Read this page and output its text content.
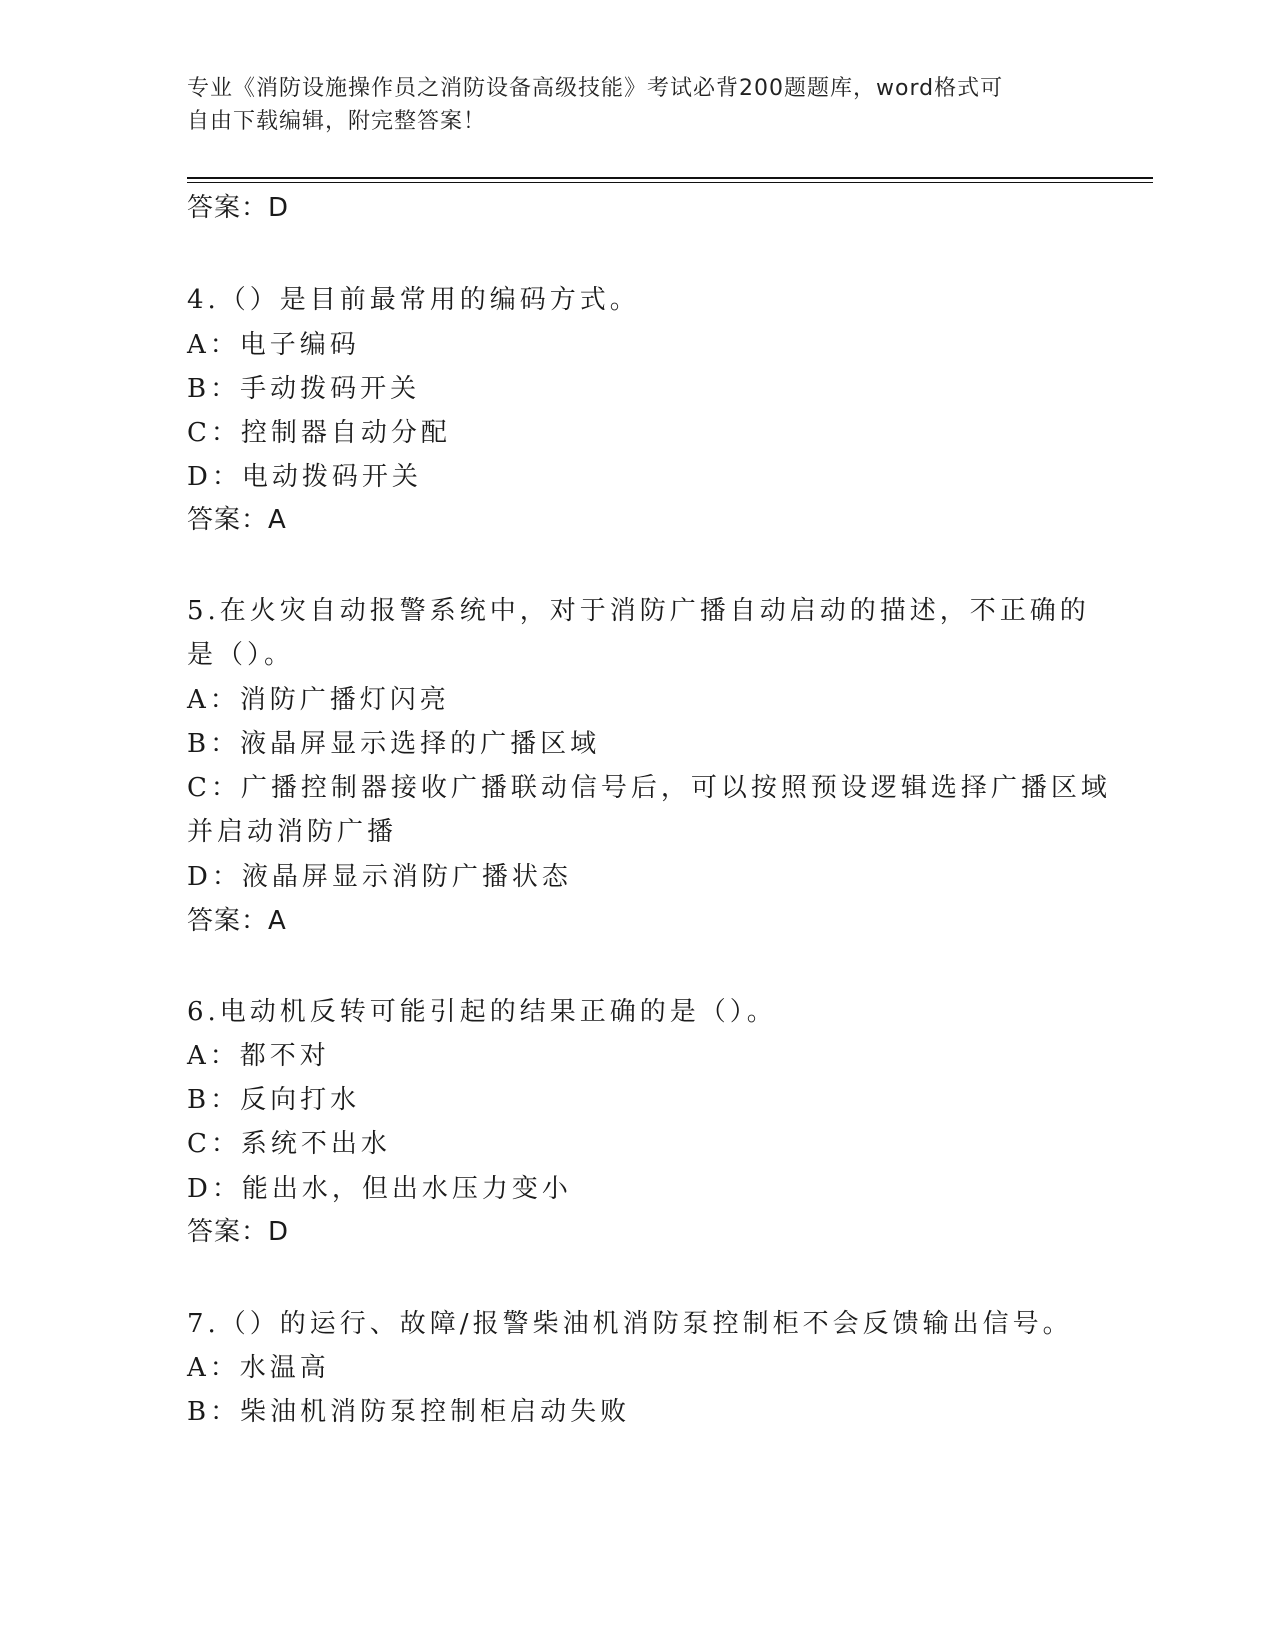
专业《消防设施操作员之消防设备高级技能》考试必背200题题库，word格式可
自由下载编辑，附完整答案！
答案：D
4.（）是目前最常用的编码方式。
A：电子编码
B：手动拨码开关
C：控制器自动分配
D：电动拨码开关
答案：A
5.在火灾自动报警系统中，对于消防广播自动启动的描述，不正确的
是（）。
A：消防广播灯闪亮
B：液晶屏显示选择的广播区域
C：广播控制器接收广播联动信号后，可以按照预设逻辑选择广播区域
并启动消防广播
D：液晶屏显示消防广播状态
答案：A
6.电动机反转可能引起的结果正确的是（）。
A：都不对
B：反向打水
C：系统不出水
D：能出水，但出水压力变小
答案：D
7.（）的运行、故障/报警柴油机消防泵控制柜不会反馈输出信号。
A：水温高
B：柴油机消防泵控制柜启动失败
